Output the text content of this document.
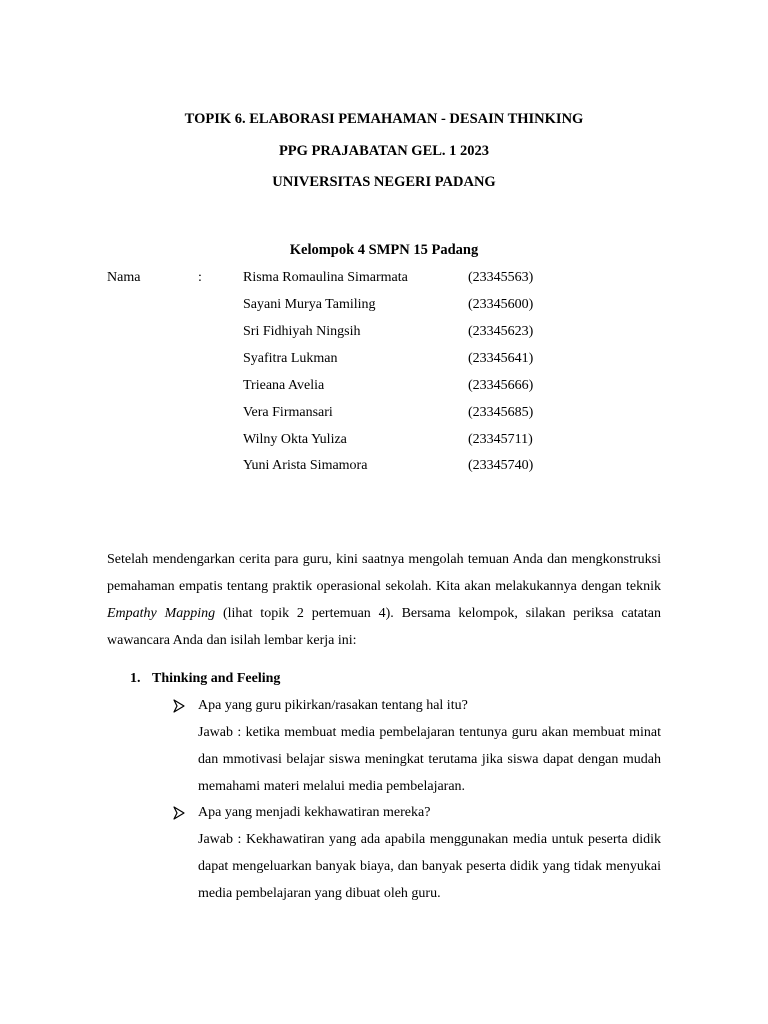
TOPIK 6. ELABORASI PEMAHAMAN - DESAIN THINKING
PPG PRAJABATAN GEL. 1 2023
UNIVERSITAS NEGERI PADANG
Kelompok 4 SMPN 15 Padang
Nama	:	Risma Romaulina Simarmata	(23345563)
Sayani Murya Tamiling	(23345600)
Sri Fidhiyah Ningsih	(23345623)
Syafitra Lukman	(23345641)
Trieana Avelia	(23345666)
Vera Firmansari	(23345685)
Wilny Okta Yuliza	(23345711)
Yuni Arista Simamora	(23345740)
Setelah mendengarkan cerita para guru, kini saatnya mengolah temuan Anda dan mengkonstruksi pemahaman empatis tentang praktik operasional sekolah. Kita akan melakukannya dengan teknik Empathy Mapping (lihat topik 2 pertemuan 4). Bersama kelompok, silakan periksa catatan wawancara Anda dan isilah lembar kerja ini:
1. Thinking and Feeling
Apa yang guru pikirkan/rasakan tentang hal itu?
Jawab : ketika membuat media pembelajaran tentunya guru akan membuat minat dan mmotivasi belajar siswa meningkat terutama jika siswa dapat dengan mudah memahami materi melalui media pembelajaran.
Apa yang menjadi kekhawatiran mereka?
Jawab : Kekhawatiran yang ada apabila menggunakan media untuk peserta didik dapat mengeluarkan banyak biaya, dan banyak peserta didik yang tidak menyukai media pembelajaran yang dibuat oleh guru.
